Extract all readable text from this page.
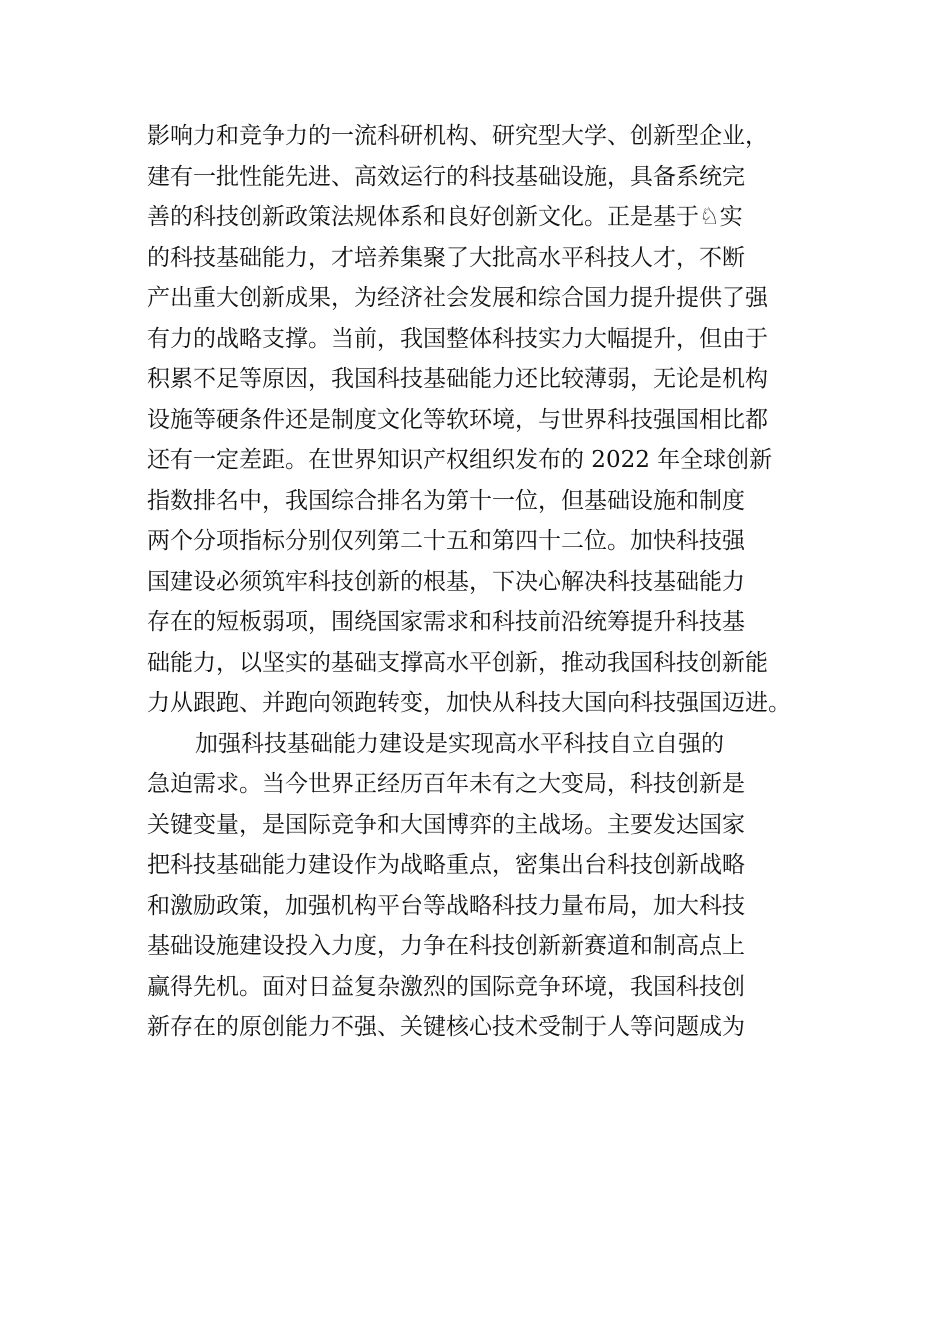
影响力和竞争力的一流科研机构、研究型大学、创新型企业，
建有一批性能先进、高效运行的科技基础设施，具备系统完
善的科技创新政策法规体系和良好创新文化。正是基于♘实
的科技基础能力，才培养集聚了大批高水平科技人才，不断
产出重大创新成果，为经济社会发展和综合国力提升提供了强
有力的战略支撑。当前，我国整体科技实力大幅提升，但由于
积累不足等原因，我国科技基础能力还比较薄弱，无论是机构
设施等硬条件还是制度文化等软环境，与世界科技强国相比都
还有一定差距。在世界知识产权组织发布的 2022 年全球创新
指数排名中，我国综合排名为第十一位，但基础设施和制度
两个分项指标分别仅列第二十五和第四十二位。加快科技强
国建设必须筑牢科技创新的根基，下决心解决科技基础能力
存在的短板弱项，围绕国家需求和科技前沿统筹提升科技基
础能力，以坚实的基础支撑高水平创新，推动我国科技创新能
力从跟跑、并跑向领跑转变，加快从科技大国向科技强国迈进。
加强科技基础能力建设是实现高水平科技自立自强的
急迫需求。当今世界正经历百年未有之大变局，科技创新是
关键变量，是国际竞争和大国博弈的主战场。主要发达国家
把科技基础能力建设作为战略重点，密集出台科技创新战略
和激励政策，加强机构平台等战略科技力量布局，加大科技
基础设施建设投入力度，力争在科技创新新赛道和制高点上
赢得先机。面对日益复杂激烈的国际竞争环境，我国科技创
新存在的原创能力不强、关键核心技术受制于人等问题成为
